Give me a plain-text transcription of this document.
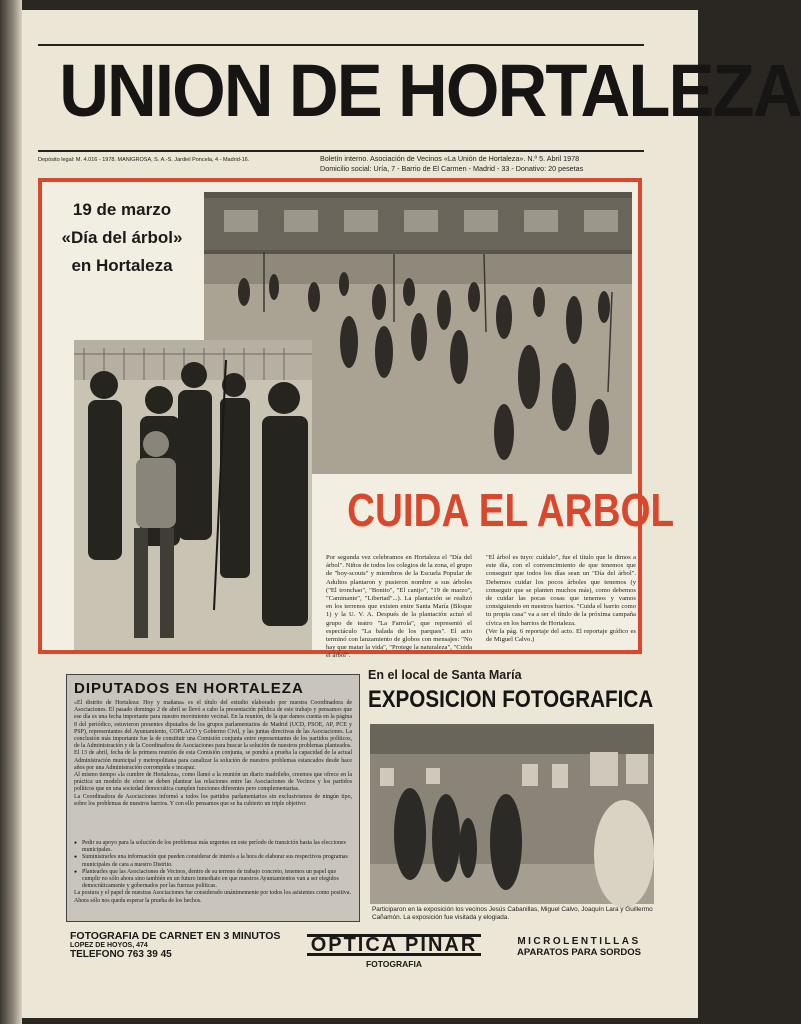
UNION DE HORTALEZA
Depósito legal: M. 4.016 - 1978. MANIGROSA, S. A.-S. Jardiel Poncela, 4 - Madrid-16.	Boletín interno. Asociación de Vecinos «La Unión de Hortaleza». N.º 5. Abril 1978
Domicilio social: Uría, 7 - Barrio de El Carmen - Madrid - 33 - Donativo: 20 pesetas
19 de marzo
«Día del árbol»
en Hortaleza
CUIDA EL ARBOL
Por segunda vez celebramos en Hortaleza el "Día del árbol". Niños de todos los colegios de la zona, el grupo de "boy-scouts" y miembros de la Escuela Popular de Adultos plantaron y pusieron nombre a sus árboles ("El tronchao", "Bonito", "El canijo", "19 de marzo", "Caminante", "Libertad"...). La plantación se realizó en los terrenos que existen entre Santa María (Bloque 1) y la U. V. A. Después de la plantación actuó el grupo de teatro "La Farrola", que representó el espectáculo "La balada de los parques". El acto terminó con lanzamiento de globos con mensajes: "No hay que matar la vida", "Protege la naturaleza", "Cuida el árbol".
"El árbol es tuyo: cuídalo", fue el título que le dimos a este día, con el convencimiento de que tenemos que conseguir que todos los días sean un "Día del árbol". Debemos cuidar los pocos árboles que tenemos (y conseguir que se planten muchos más), como debemos de cuidar las pocas cosas que tenemos y vamos consiguiendo en nuestros barrios. "Cuida el barrio como tu propia casa" va a ser el título de la próxima campaña cívica en los barrios de Hortaleza.
(Ver la pág. 6 reportaje del acto. El reportaje gráfico es de Miguel Calvo.)
DIPUTADOS EN HORTALEZA
«El distrito de Hortaleza: Hoy y mañana» es el título del estudio elaborado por nuestra Coordinadora de Asociaciones. El pasado domingo 2 de abril se llevó a cabo la presentación pública de este trabajo y pensamos que ese día es una fecha importante para nuestro movimiento vecinal. En la reunión, de la que damos cuenta en la página 8 del periódico, estuvieron presentes diputados de los grupos parlamentarios de Madrid (UCD, PSOE, AP, PCE y PSP), representantes del Ayuntamiento, COPLACO y Gobierno Civil, y las juntas directivas de las Asociaciones. La conclusión más importante fue la de constituir una Comisión conjunta entre representantes de los partidos políticos, de la Administración y de la Coordinadora de Asociaciones para buscar la solución de nuestros problemas planteados.
El 13 de abril, fecha de la primera reunión de esta Comisión conjunta, se pondrá a prueba la capacidad de la actual Administración municipal y metropolitana para canalizar la solución de nuestros problemas estancados desde hace años por una Administración corrompida e incapaz.
Al mismo tiempo «la cumbre de Hortaleza», como llamó a la reunión un diario madrileño, creemos que ofrece en la práctica un modelo de cómo se deben plantear las relaciones entre las Asociaciones de Vecinos y los partidos políticos que en una sociedad democrática cumplen funciones diferentes pero complementarias.
La Coordinadora de Asociaciones informó a todos los partidos parlamentarios sin exclusivismos de ningún tipo, sobre los problemas de nuestros barrios. Y con ello pensamos que se ha cubierto un triple objetivo:
● Pedir su apoyo para la solución de los problemas más urgentes en este período de transición hasta las elecciones municipales.
● Suministrarles una información que pueden considerar de interés a la hora de elaborar sus respectivos programas municipales de cara a nuestro Distrito.
● Plantearles que las Asociaciones de Vecinos, dentro de su terreno de trabajo concreto, tenemos un papel que cumplir no sólo ahora sino también en un futuro inmediato en que nuestros Ayuntamientos van a ser elegidos democráticamente y gobernados por las fuerzas políticas.
La postura y el papel de nuestras Asociaciones fue considerado unánimemente por todos los asistentes como positiva. Ahora sólo nos queda esperar la prueba de los hechos.
En el local de Santa María
EXPOSICION FOTOGRAFICA
Participaron en la exposición los vecinos Jesús Cabanillas, Miguel Calvo, Joaquín Lara y Guillermo Cañamón. La exposición fue visitada y elogiada.
FOTOGRAFIA DE CARNET EN 3 MINUTOS
LOPEZ DE HOYOS, 474
TELEFONO 763 39 45	OPTICA PINAR
FOTOGRAFIA
MICROLENTILLAS
APARATOS PARA SORDOS
